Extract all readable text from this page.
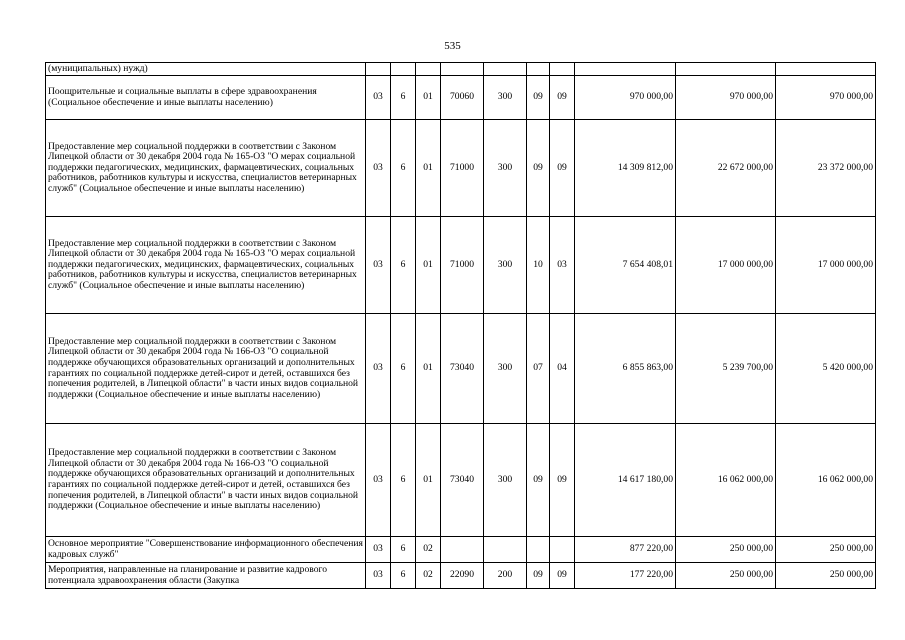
535
(муниципальных) нужд)										
Поощрительные и социальные выплаты в сфере здравоохранения (Социальное обеспечение и иные выплаты населению)	03	6	01	70060	300	09	09	970 000,00	970 000,00	970 000,00
Предоставление мер социальной поддержки в соответствии с Законом Липецкой области от 30 декабря 2004 года № 165-ОЗ "О мерах социальной поддержки педагогических, медицинских, фармацевтических, социальных работников, работников культуры и искусства, специалистов ветеринарных служб" (Социальное обеспечение и иные выплаты населению)	03	6	01	71000	300	09	09	14 309 812,00	22 672 000,00	23 372 000,00
Предоставление мер социальной поддержки в соответствии с Законом Липецкой области от 30 декабря 2004 года № 165-ОЗ "О мерах социальной поддержки педагогических, медицинских, фармацевтических, социальных работников, работников культуры и искусства, специалистов ветеринарных служб" (Социальное обеспечение и иные выплаты населению)	03	6	01	71000	300	10	03	7 654 408,01	17 000 000,00	17 000 000,00
Предоставление мер социальной поддержки в соответствии с Законом Липецкой области от 30 декабря 2004 года № 166-ОЗ "О социальной поддержке обучающихся образовательных организаций и дополнительных гарантиях по социальной поддержке детей-сирот и детей, оставшихся без попечения родителей, в Липецкой области" в части иных видов социальной поддержки (Социальное обеспечение и иные выплаты населению)	03	6	01	73040	300	07	04	6 855 863,00	5 239 700,00	5 420 000,00
Предоставление мер социальной поддержки в соответствии с Законом Липецкой области от 30 декабря 2004 года № 166-ОЗ "О социальной поддержке обучающихся образовательных организаций и дополнительных гарантиях по социальной поддержке детей-сирот и детей, оставшихся без попечения родителей, в Липецкой области" в части иных видов социальной поддержки (Социальное обеспечение и иные выплаты населению)	03	6	01	73040	300	09	09	14 617 180,00	16 062 000,00	16 062 000,00
Основное мероприятие "Совершенствование информационного обеспечения кадровых служб"	03	6	02					877 220,00	250 000,00	250 000,00
Мероприятия, направленные на планирование и развитие кадрового потенциала здравоохранения области (Закупка	03	6	02	22090	200	09	09	177 220,00	250 000,00	250 000,00
